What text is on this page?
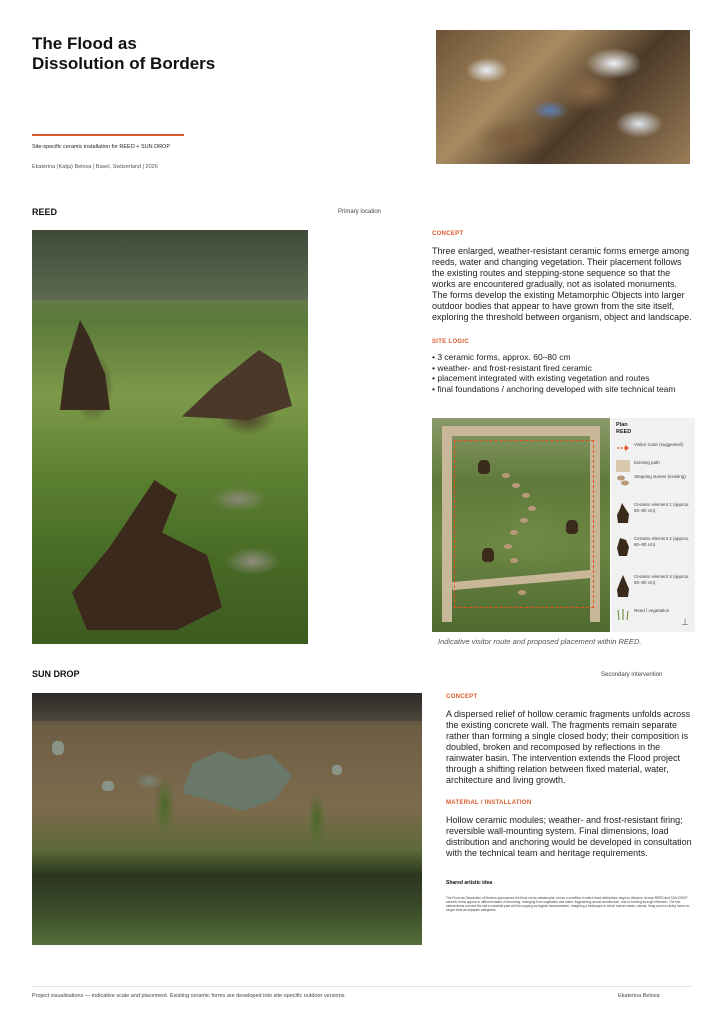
The Flood as
Dissolution of Borders
Site-specific ceramic installation for REED + SUN DROP
Ekaterina (Katja) Belova | Basel, Switzerland | 2026
REED	Primary location
CONCEPT
Three enlarged, weather-resistant ceramic forms emerge among reeds, water and changing vegetation. Their placement follows the existing routes and stepping-stone sequence so that the works are encountered gradually, not as isolated monuments. The forms develop the existing Metamorphic Objects into larger outdoor bodies that appear to have grown from the site itself, exploring the threshold between organism, object and landscape.
SITE LOGIC
• 3 ceramic forms, approx. 60–80 cm
• weather- and frost-resistant fired ceramic
• placement integrated with existing vegetation and routes
• final foundations / anchoring developed with site technical team
Plan
REED
Visitor route (suggested)
Existing path
Stepping stones (existing)
Ceramic element 1 (approx. 60–80 cm)
Ceramic element 2 (approx. 60–80 cm)
Ceramic element 3 (approx. 60–80 cm)
Reed / vegetation
⊥
Indicative visitor route and proposed placement within REED.
SUN DROP	Secondary intervention
CONCEPT
A dispersed relief of hollow ceramic fragments unfolds across the existing concrete wall. The fragments remain separate rather than forming a single closed body; their composition is doubled, broken and recomposed by reflections in the rainwater basin. The intervention extends the Flood project through a shifting relation between fixed material, water, architecture and living growth.
MATERIAL / INSTALLATION
Hollow ceramic modules; weather- and frost-resistant firing; reversible wall-mounting system. Final dimensions, load distribution and anchoring would be developed in consultation with the technical team and heritage requirements.
Shared artistic idea
The Flood as Dissolution of Borders approaches the flood not as catastrophe, but as a condition in which fixed distinctions begin to dissolve. Across REED and SUN DROP, ceramic forms appear in different states of becoming: emerging from vegetation and water, fragmenting across architecture, and re-forming through reflection. The two interventions connect the site's industrial past with its ongoing ecological transformation, imagining a landscape in which human-made, natural, living and non-living forms no longer exist as separate categories.
Project visualisations — indicative scale and placement. Existing ceramic forms are developed into site-specific outdoor versions.	Ekaterina Belova
